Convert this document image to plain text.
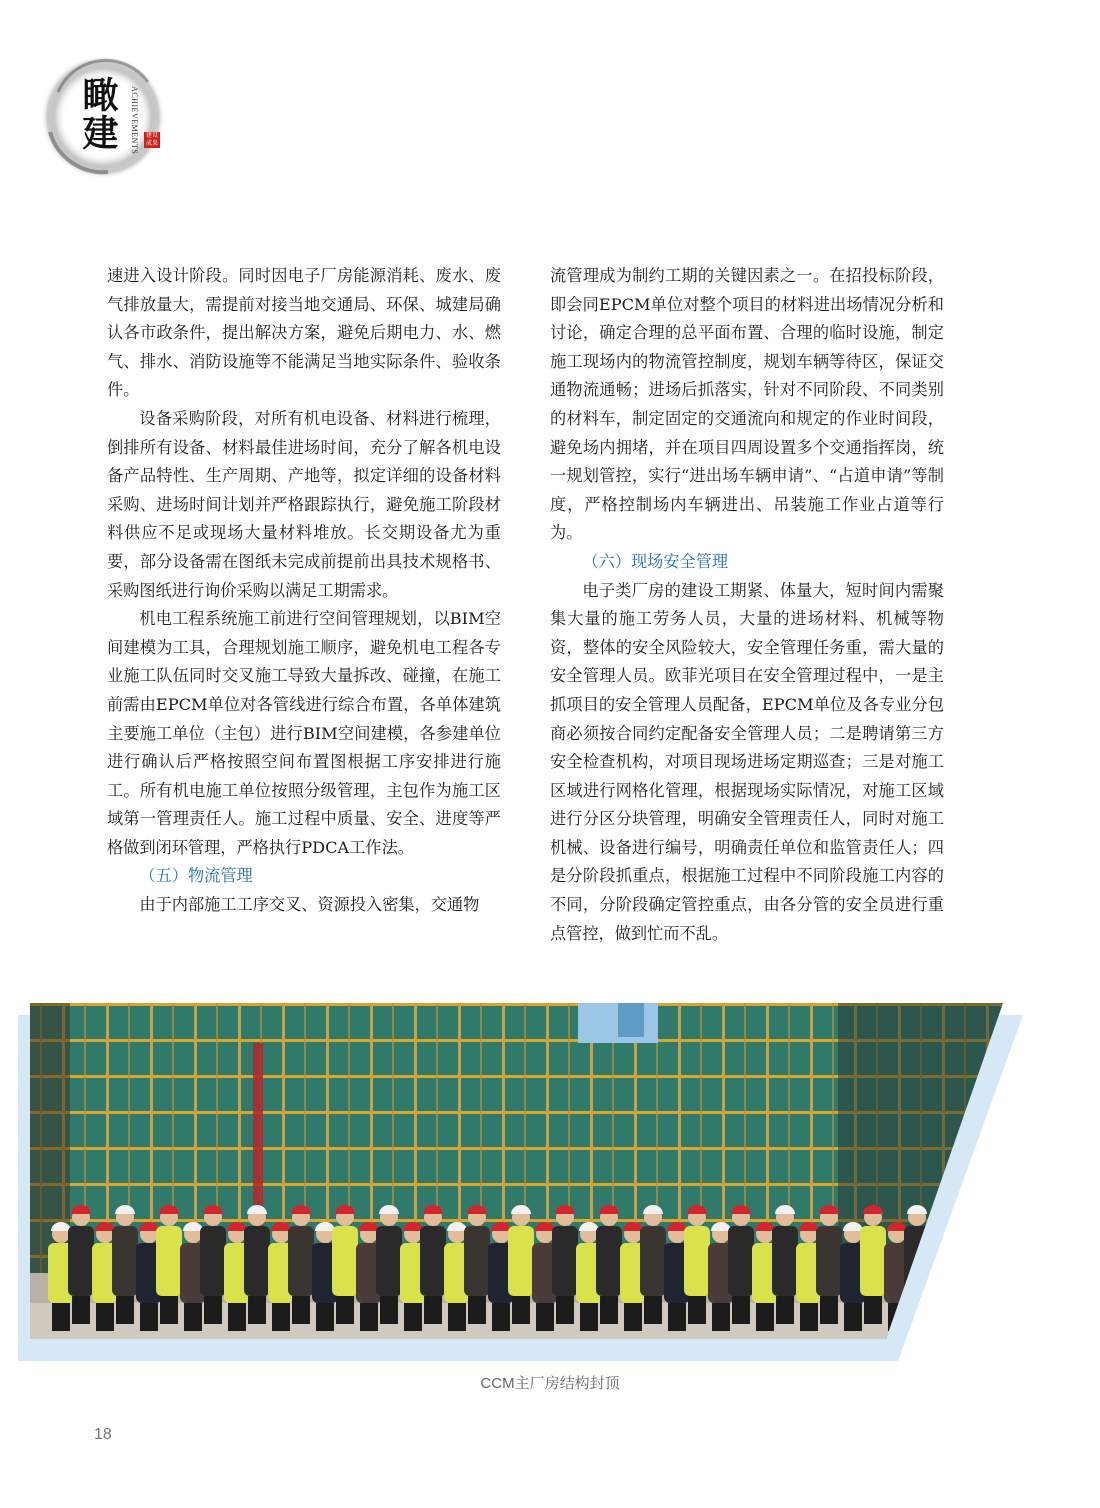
瞰建 ACHIEVEMENTS	建设 成果

速进入设计阶段。同时因电子厂房能源消耗、废水、废气排放量大，需提前对接当地交通局、环保、城建局确认各市政条件，提出解决方案，避免后期电力、水、燃气、排水、消防设施等不能满足当地实际条件、验收条件。

设备采购阶段，对所有机电设备、材料进行梳理，倒排所有设备、材料最佳进场时间，充分了解各机电设备产品特性、生产周期、产地等，拟定详细的设备材料采购、进场时间计划并严格跟踪执行，避免施工阶段材料供应不足或现场大量材料堆放。长交期设备尤为重要，部分设备需在图纸未完成前提前出具技术规格书、采购图纸进行询价采购以满足工期需求。

机电工程系统施工前进行空间管理规划，以BIM空间建模为工具，合理规划施工顺序，避免机电工程各专业施工队伍同时交叉施工导致大量拆改、碰撞，在施工前需由EPCM单位对各管线进行综合布置，各单体建筑主要施工单位（主包）进行BIM空间建模，各参建单位进行确认后严格按照空间布置图根据工序安排进行施工。所有机电施工单位按照分级管理，主包作为施工区域第一管理责任人。施工过程中质量、安全、进度等严格做到闭环管理，严格执行PDCA工作法。

（五）物流管理

由于内部施工工序交叉、资源投入密集，交通物

流管理成为制约工期的关键因素之一。在招投标阶段，即会同EPCM单位对整个项目的材料进出场情况分析和讨论，确定合理的总平面布置、合理的临时设施，制定施工现场内的物流管控制度，规划车辆等待区，保证交通物流通畅；进场后抓落实，针对不同阶段、不同类别的材料车，制定固定的交通流向和规定的作业时间段，避免场内拥堵，并在项目四周设置多个交通指挥岗，统一规划管控，实行“进出场车辆申请”、“占道申请”等制度，严格控制场内车辆进出、吊装施工作业占道等行为。

（六）现场安全管理

电子类厂房的建设工期紧、体量大，短时间内需聚集大量的施工劳务人员，大量的进场材料、机械等物资，整体的安全风险较大，安全管理任务重，需大量的安全管理人员。欧菲光项目在安全管理过程中，一是主抓项目的安全管理人员配备，EPCM单位及各专业分包商必须按合同约定配备安全管理人员；二是聘请第三方安全检查机构，对项目现场进场定期巡查；三是对施工区域进行网格化管理，根据现场实际情况，对施工区域进行分区分块管理，明确安全管理责任人，同时对施工机械、设备进行编号，明确责任单位和监管责任人；四是分阶段抓重点，根据施工过程中不同阶段施工内容的不同，分阶段确定管控重点，由各分管的安全员进行重点管控，做到忙而不乱。

CCM主厂房结构封顶
18
